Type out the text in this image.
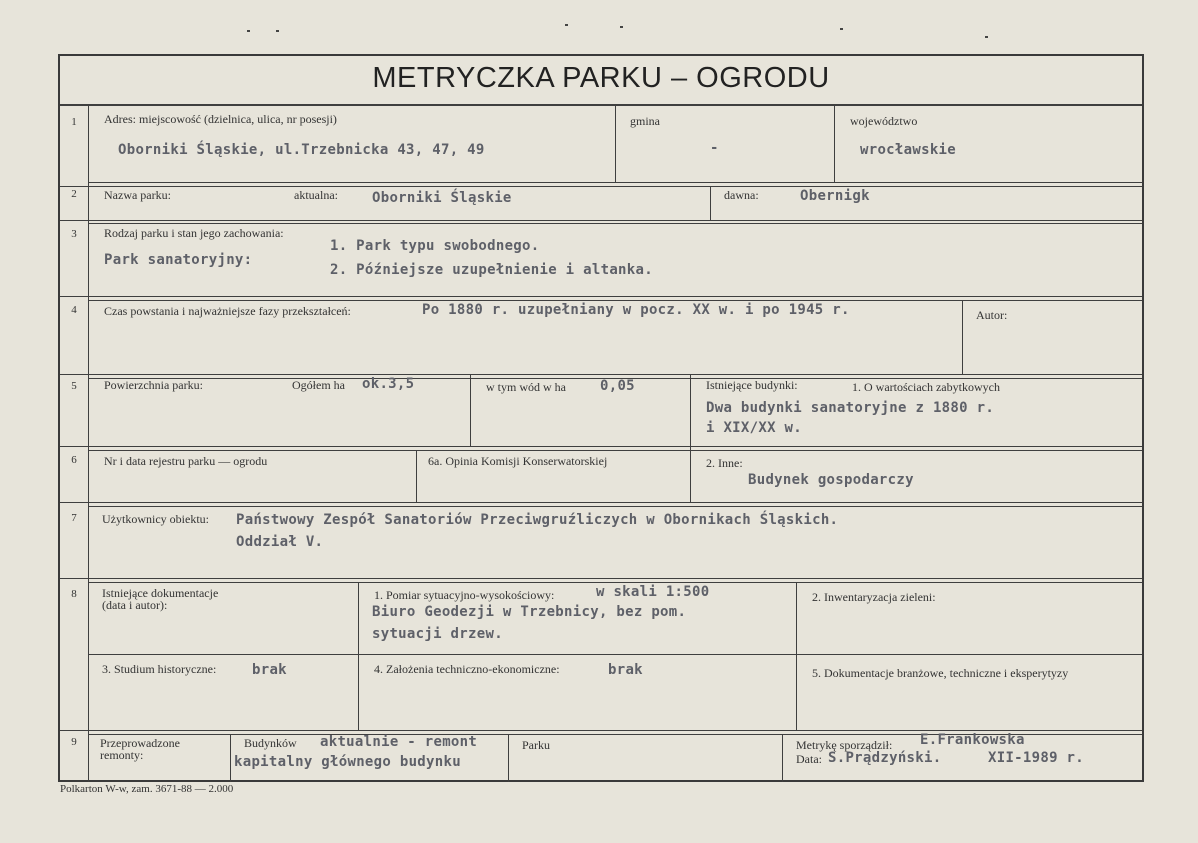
METRYCZKA PARKU – OGRODU
1	Adres: miejscowość (dzielnica, ulica, nr posesji)
Oborniki Śląskie, ul.Trzebnicka 43, 47, 49
gmina
-
województwo
wrocławskie
2	Nazwa parku:	aktualna: Oborniki Śląskie	dawna:	Obernigk
3	Rodzaj parku i stan jego zachowania:
Park sanatoryjny:
1. Park typu swobodnego.
2. Późniejsze uzupełnienie i altanka.
4	Czas powstania i najważniejsze fazy przekształceń:	Po 1880 r. uzupełniany w pocz. XX w. i po 1945 r.	Autor:
5	Powierzchnia parku:	Ogółem ha ok.3,5	w tym wód w ha 0,05	Istniejące budynki:	1. O wartościach zabytkowych
Dwa budynki sanatoryjne z 1880 r.
i XIX/XX w.
6	Nr i data rejestru parku — ogrodu	6a. Opinia Komisji Konserwatorskiej	2. Inne:
Budynek gospodarczy
7	Użytkownicy obiektu: Państwowy Zespół Sanatoriów Przeciwgruźliczych w Obornikach Śląskich.
Oddział V.
8	Istniejące dokumentacje
(data i autor):
1. Pomiar sytuacyjno-wysokościowy:	w skali 1:500
Biuro Geodezji w Trzebnicy, bez pom.
sytuacji drzew.
2. Inwentaryzacja zieleni:
3. Studium historyczne:	brak	4. Założenia techniczno-ekonomiczne:	brak	5. Dokumentacje branżowe, techniczne i eksperytyzy
9	Przeprowadzone
remonty:
Budynków aktualnie - remont
kapitalny głównego budynku
Parku	Metrykę sporządził: E.Frankowska
Data: S.Prądzyński.	XII-1989 r.
Polkarton W-w, zam. 3671-88 — 2.000
